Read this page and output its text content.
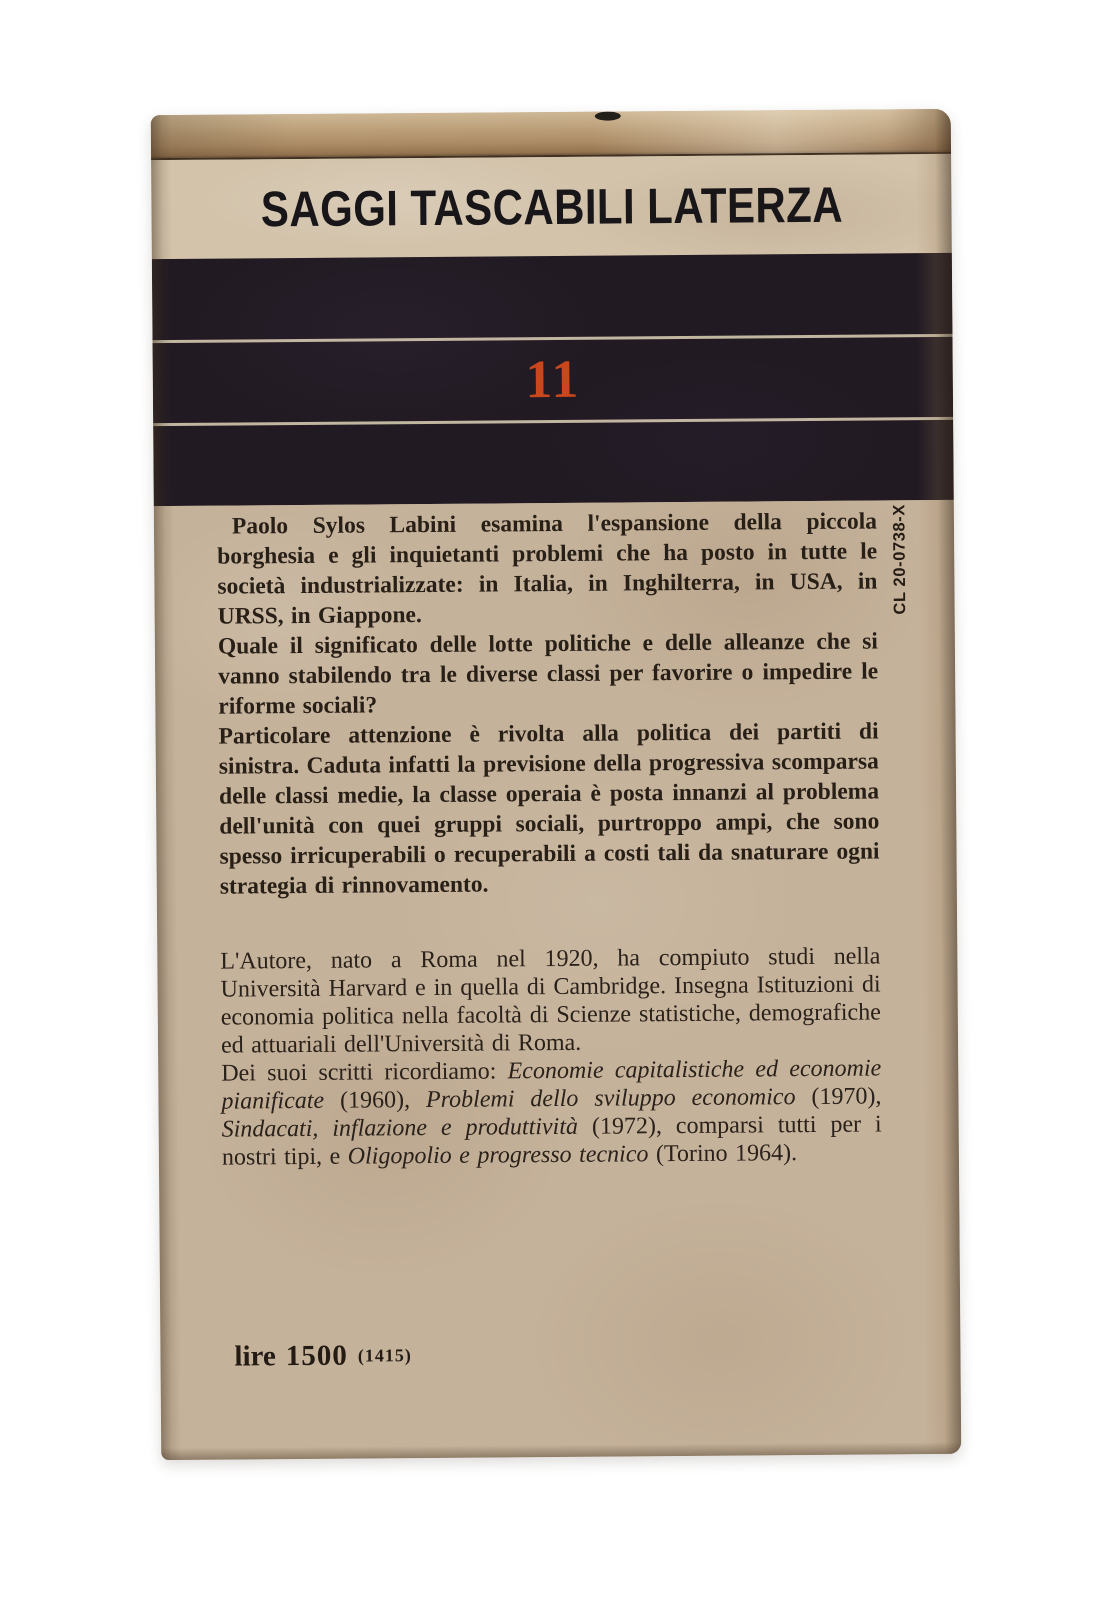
SAGGI TASCABILI LATERZA
11

Paolo Sylos Labini esamina l'espansione della piccola borghesia e gli inquietanti problemi che ha posto in tutte le società industrializzate: in Italia, in Inghilterra, in USA, in URSS, in Giappone.

Quale il significato delle lotte politiche e delle alleanze che si vanno stabilendo tra le diverse classi per favorire o impedire le riforme sociali?

Particolare attenzione è rivolta alla politica dei partiti di sinistra. Caduta infatti la previsione della progressiva scomparsa delle classi medie, la classe operaia è posta innanzi al problema dell'unità con quei gruppi sociali, purtroppo ampi, che sono spesso irricuperabili o recuperabili a costi tali da snaturare ogni strategia di rinnovamento.

CL 20-0738-X

L'Autore, nato a Roma nel 1920, ha compiuto studi nella Università Harvard e in quella di Cambridge. Insegna Istituzioni di economia politica nella facoltà di Scienze statistiche, demografiche ed attuariali dell'Università di Roma.

Dei suoi scritti ricordiamo: Economie capitalistiche ed economie pianificate (1960), Problemi dello sviluppo economico (1970), Sindacati, inflazione e produttività (1972), comparsi tutti per i nostri tipi, e Oligopolio e progresso tecnico (Torino 1964).

lire 1500 (1415)
